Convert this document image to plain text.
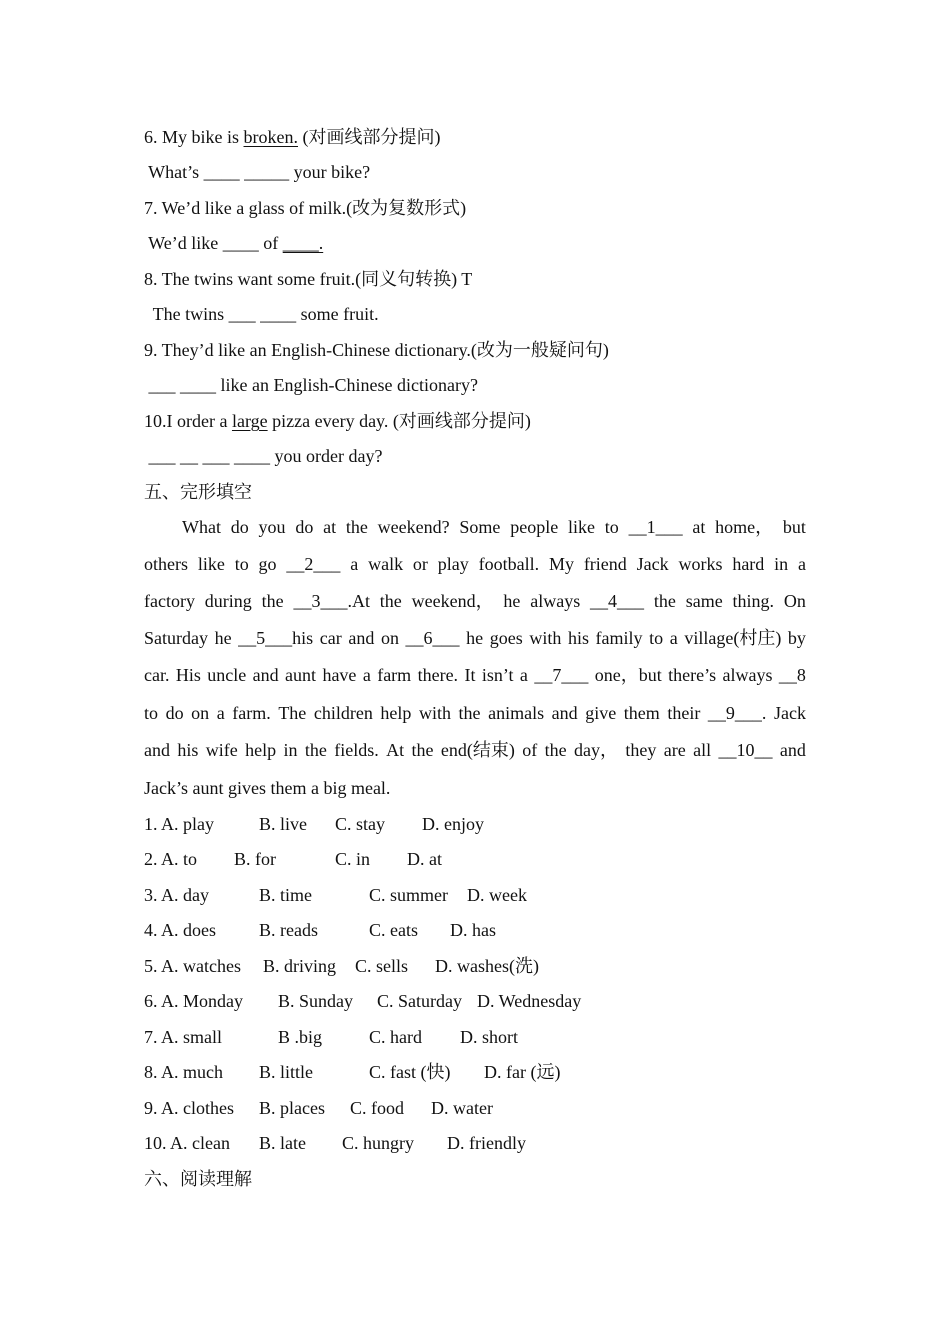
6. My bike is broken. (对画线部分提问)
What’s ____ _____ your bike?
7. We’d like a glass of milk.(改为复数形式)
We’d like ____ of ____.
8. The twins want some fruit.(同义句转换) T
The twins ___ ____ some fruit.
9. They’d like an English-Chinese dictionary.(改为一般疑问句)
___ ____ like an English-Chinese dictionary?
10.I order a large pizza every day. (对画线部分提问)
___ __ ___ ____ you order day?
五、完形填空
What do you do at the weekend? Some people like to __1___ at home， but
others like to go __2___ a walk or play football. My friend Jack works hard in a
factory during the __3___.At the weekend， he always __4___ the same thing. On
Saturday he __5___his car and on __6___ he goes with his family to a village(村庄) by
car. His uncle and aunt have a farm there. It isn’t a __7___ one，but there’s always __8
to do on a farm. The children help with the animals and give them their __9___. Jack
and his wife help in the fields. At the end(结束) of the day， they are all __10__ and
Jack’s aunt gives them a big meal.
1. A. play	B. live C. stay D. enjoy
2. A. to B. for	C. in D. at
3. A. day	B. time	C. summer D. week
4. A. does B. reads	C. eats D. has
5. A. watches B. driving C. sells D. washes(洗)
6. A. Monday B. Sunday C. Saturday D. Wednesday
7. A. small	B .big	C. hard D. short
8. A. much B. little	C. fast (快) D. far (远)
9. A. clothes B. places C. food D. water
10. A. clean B. late C. hungry D. friendly
六、阅读理解
